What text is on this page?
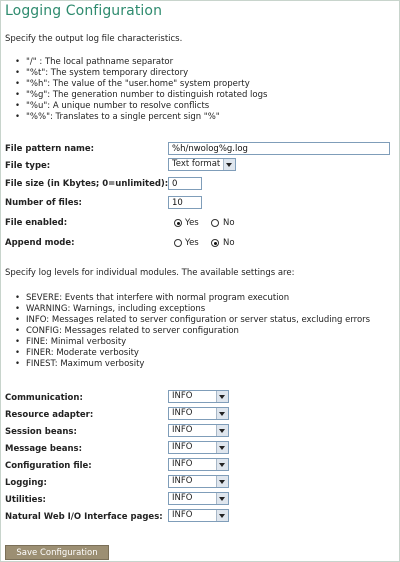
Logging Configuration
Specify the output log file characteristics.
• "/" : The local pathname separator
• "%t": The system temporary directory
• "%h": The value of the "user.home" system property
• "%g": The generation number to distinguish rotated logs
• "%u": A unique number to resolve conflicts
• "%%": Translates to a single percent sign "%"
File pattern name:
%h/nwolog%g.log
File type:	Text format
File size (in Kbytes; 0=unlimited):
0
Number of files:
10
File enabled:	Yes	No
Append mode:	Yes	No
Specify log levels for individual modules. The available settings are:
• SEVERE: Events that interfere with normal program execution
• WARNING: Warnings, including exceptions
• INFO: Messages related to server configuration or server status, excluding errors
• CONFIG: Messages related to server configuration
• FINE: Minimal verbosity
• FINER: Moderate verbosity
• FINEST: Maximum verbosity
Communication:	INFO
Resource adapter:	INFO
Session beans:	INFO
Message beans:	INFO
Configuration file:	INFO
Logging:	INFO
Utilities:	INFO
Natural Web I/O Interface pages:	INFO
Save Configuration
